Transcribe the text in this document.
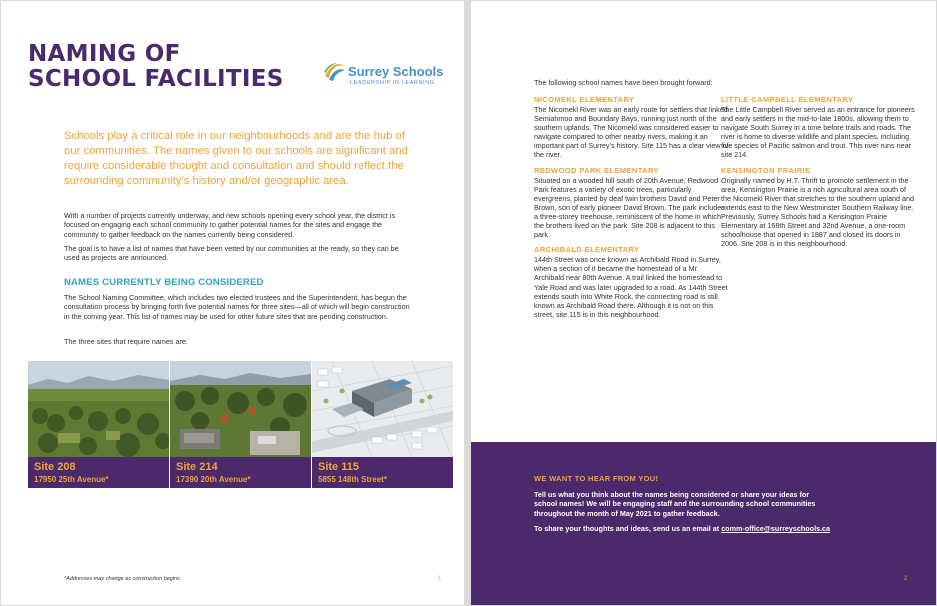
NAMING OF
SCHOOL FACILITIES	Surrey Schools
LEADERSHIP IN LEARNING
Schools play a critical role in our neighbourhoods and are the hub of our communities. The names given to our schools are significant and require considerable thought and consultation and should reflect the surrounding community’s history and/or geographic area.
With a number of projects currently underway, and new schools opening every school year, the district is focused on engaging each school community to gather potential names for the sites and engage the community to gather feedback on the names currently being considered.
The goal is to have a list of names that have been vetted by our communities at the ready, so they can be used as projects are announced.
NAMES CURRENTLY BEING CONSIDERED
The School Naming Committee, which includes two elected trustees and the Superintendent, has begun the consultation process by bringing forth five potential names for three sites—all of which will begin construction in the coming year. This list of names may be used for other future sites that are pending construction.
The three sites that require names are:
Site 208
17950 25th Avenue*
Site 214
17390 20th Avenue*
Site 115
5855 148th Street*
*Addresses may change as construction begins	1
The following school names have been brought forward:
NICOMEKL ELEMENTARY
The Nicomekl River was an early route for settlers that linked Semiahmoo and Boundary Bays, running just north of the southern uplands. The Nicomekl was considered easier to navigate compared to other nearby rivers, making it an important part of Surrey’s history. Site 115 has a clear view of the river.
REDWOOD PARK ELEMENTARY
Situated on a wooded hill south of 20th Avenue, Redwood Park features a variety of exotic trees, particularly evergreens, planted by deaf twin brothers David and Peter Brown, son of early pioneer David Brown. The park includes a three-storey treehouse, reminiscent of the home in which the brothers lived on the park. Site 208 is adjacent to this park.
ARCHIBALD ELEMENTARY
144th Street was once known as Archibald Road in Surrey, when a section of it became the homestead of a Mr. Archibald near 80th Avenue. A trail linked the homestead to Yale Road and was later upgraded to a road. As 144th Street extends south into White Rock, the connecting road is still known as Archibald Road there. Although it is not on this street, site 115 is in this neighbourhood.
LITTLE CAMPBELL ELEMENTARY
The Little Campbell River served as an entrance for pioneers and early settlers in the mid-to-late 1800s, allowing them to navigate South Surrey in a time before trails and roads. The river is home to diverse wildlife and plant species, including five species of Pacific salmon and trout. This river runs near site 214.
KENSINGTON PRAIRIE
Originally named by H.T. Thrift to promote settlement in the area, Kensington Prairie is a rich agricultural area south of the Nicomekl River that stretches to the southern upland and extends east to the New Westminster Southern Railway line. Previously, Surrey Schools had a Kensington Prairie Elementary at 168th Street and 32nd Avenue, a one-room schoolhouse that opened in 1887 and closed its doors in 2006. Site 208 is in this neighbourhood.
WE WANT TO HEAR FROM YOU!
Tell us what you think about the names being considered or share your ideas for school names! We will be engaging staff and the surrounding school communities throughout the month of May 2021 to gather feedback.
To share your thoughts and ideas, send us an email at comm-office@surreyschools.ca
2
